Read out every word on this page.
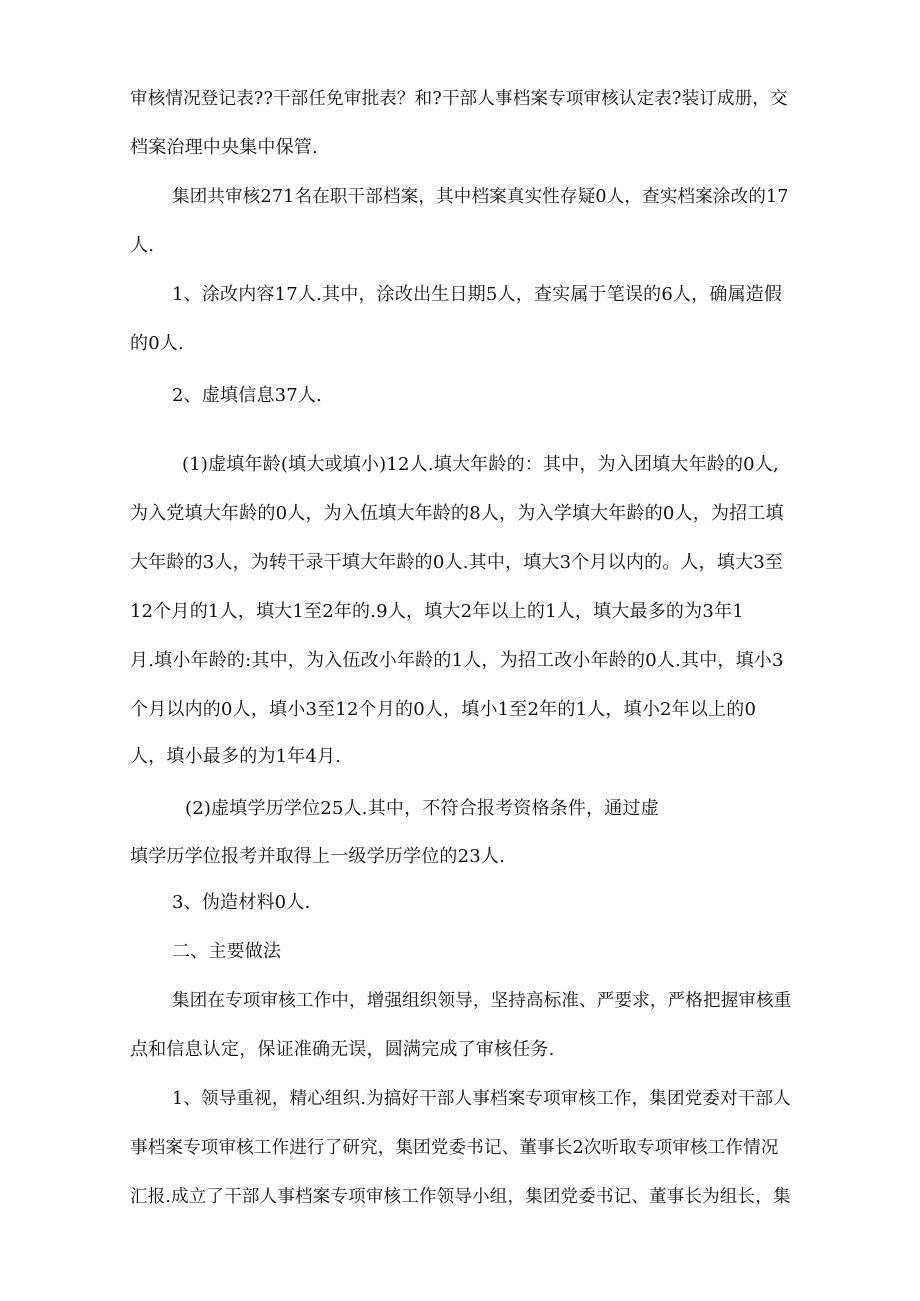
审核情况登记表??干部任免审批表？和?干部人事档案专项审核认定表?装订成册，交

档案治理中央集中保管.

集团共审核271名在职干部档案，其中档案真实性存疑0人，查实档案涂改的17

人.

1、涂改内容17人.其中，涂改出生日期5人，查实属于笔误的6人，确属造假

的0人.

2、虚填信息37人.

(1)虚填年龄(填大或填小)12人.填大年龄的：其中，为入团填大年龄的0人,

为入党填大年龄的0人，为入伍填大年龄的8人，为入学填大年龄的0人，为招工填

大年龄的3人，为转干录干填大年龄的0人.其中，填大3个月以内的。人，填大3至

12个月的1人，填大1至2年的.9人，填大2年以上的1人，填大最多的为3年1

月.填小年龄的:其中，为入伍改小年龄的1人，为招工改小年龄的0人.其中，填小3

个月以内的0人，填小3至12个月的0人，填小1至2年的1人，填小2年以上的0

人，填小最多的为1年4月.

(2)虚填学历学位25人.其中，不符合报考资格条件，通过虚

填学历学位报考并取得上一级学历学位的23人.

3、伪造材料0人.

二、主要做法

集团在专项审核工作中，增强组织领导，坚持高标准、严要求，严格把握审核重

点和信息认定，保证准确无误，圆满完成了审核任务.

1、领导重视，精心组织.为搞好干部人事档案专项审核工作，集团党委对干部人

事档案专项审核工作进行了研究，集团党委书记、董事长2次听取专项审核工作情况

汇报.成立了干部人事档案专项审核工作领导小组，集团党委书记、董事长为组长，集
